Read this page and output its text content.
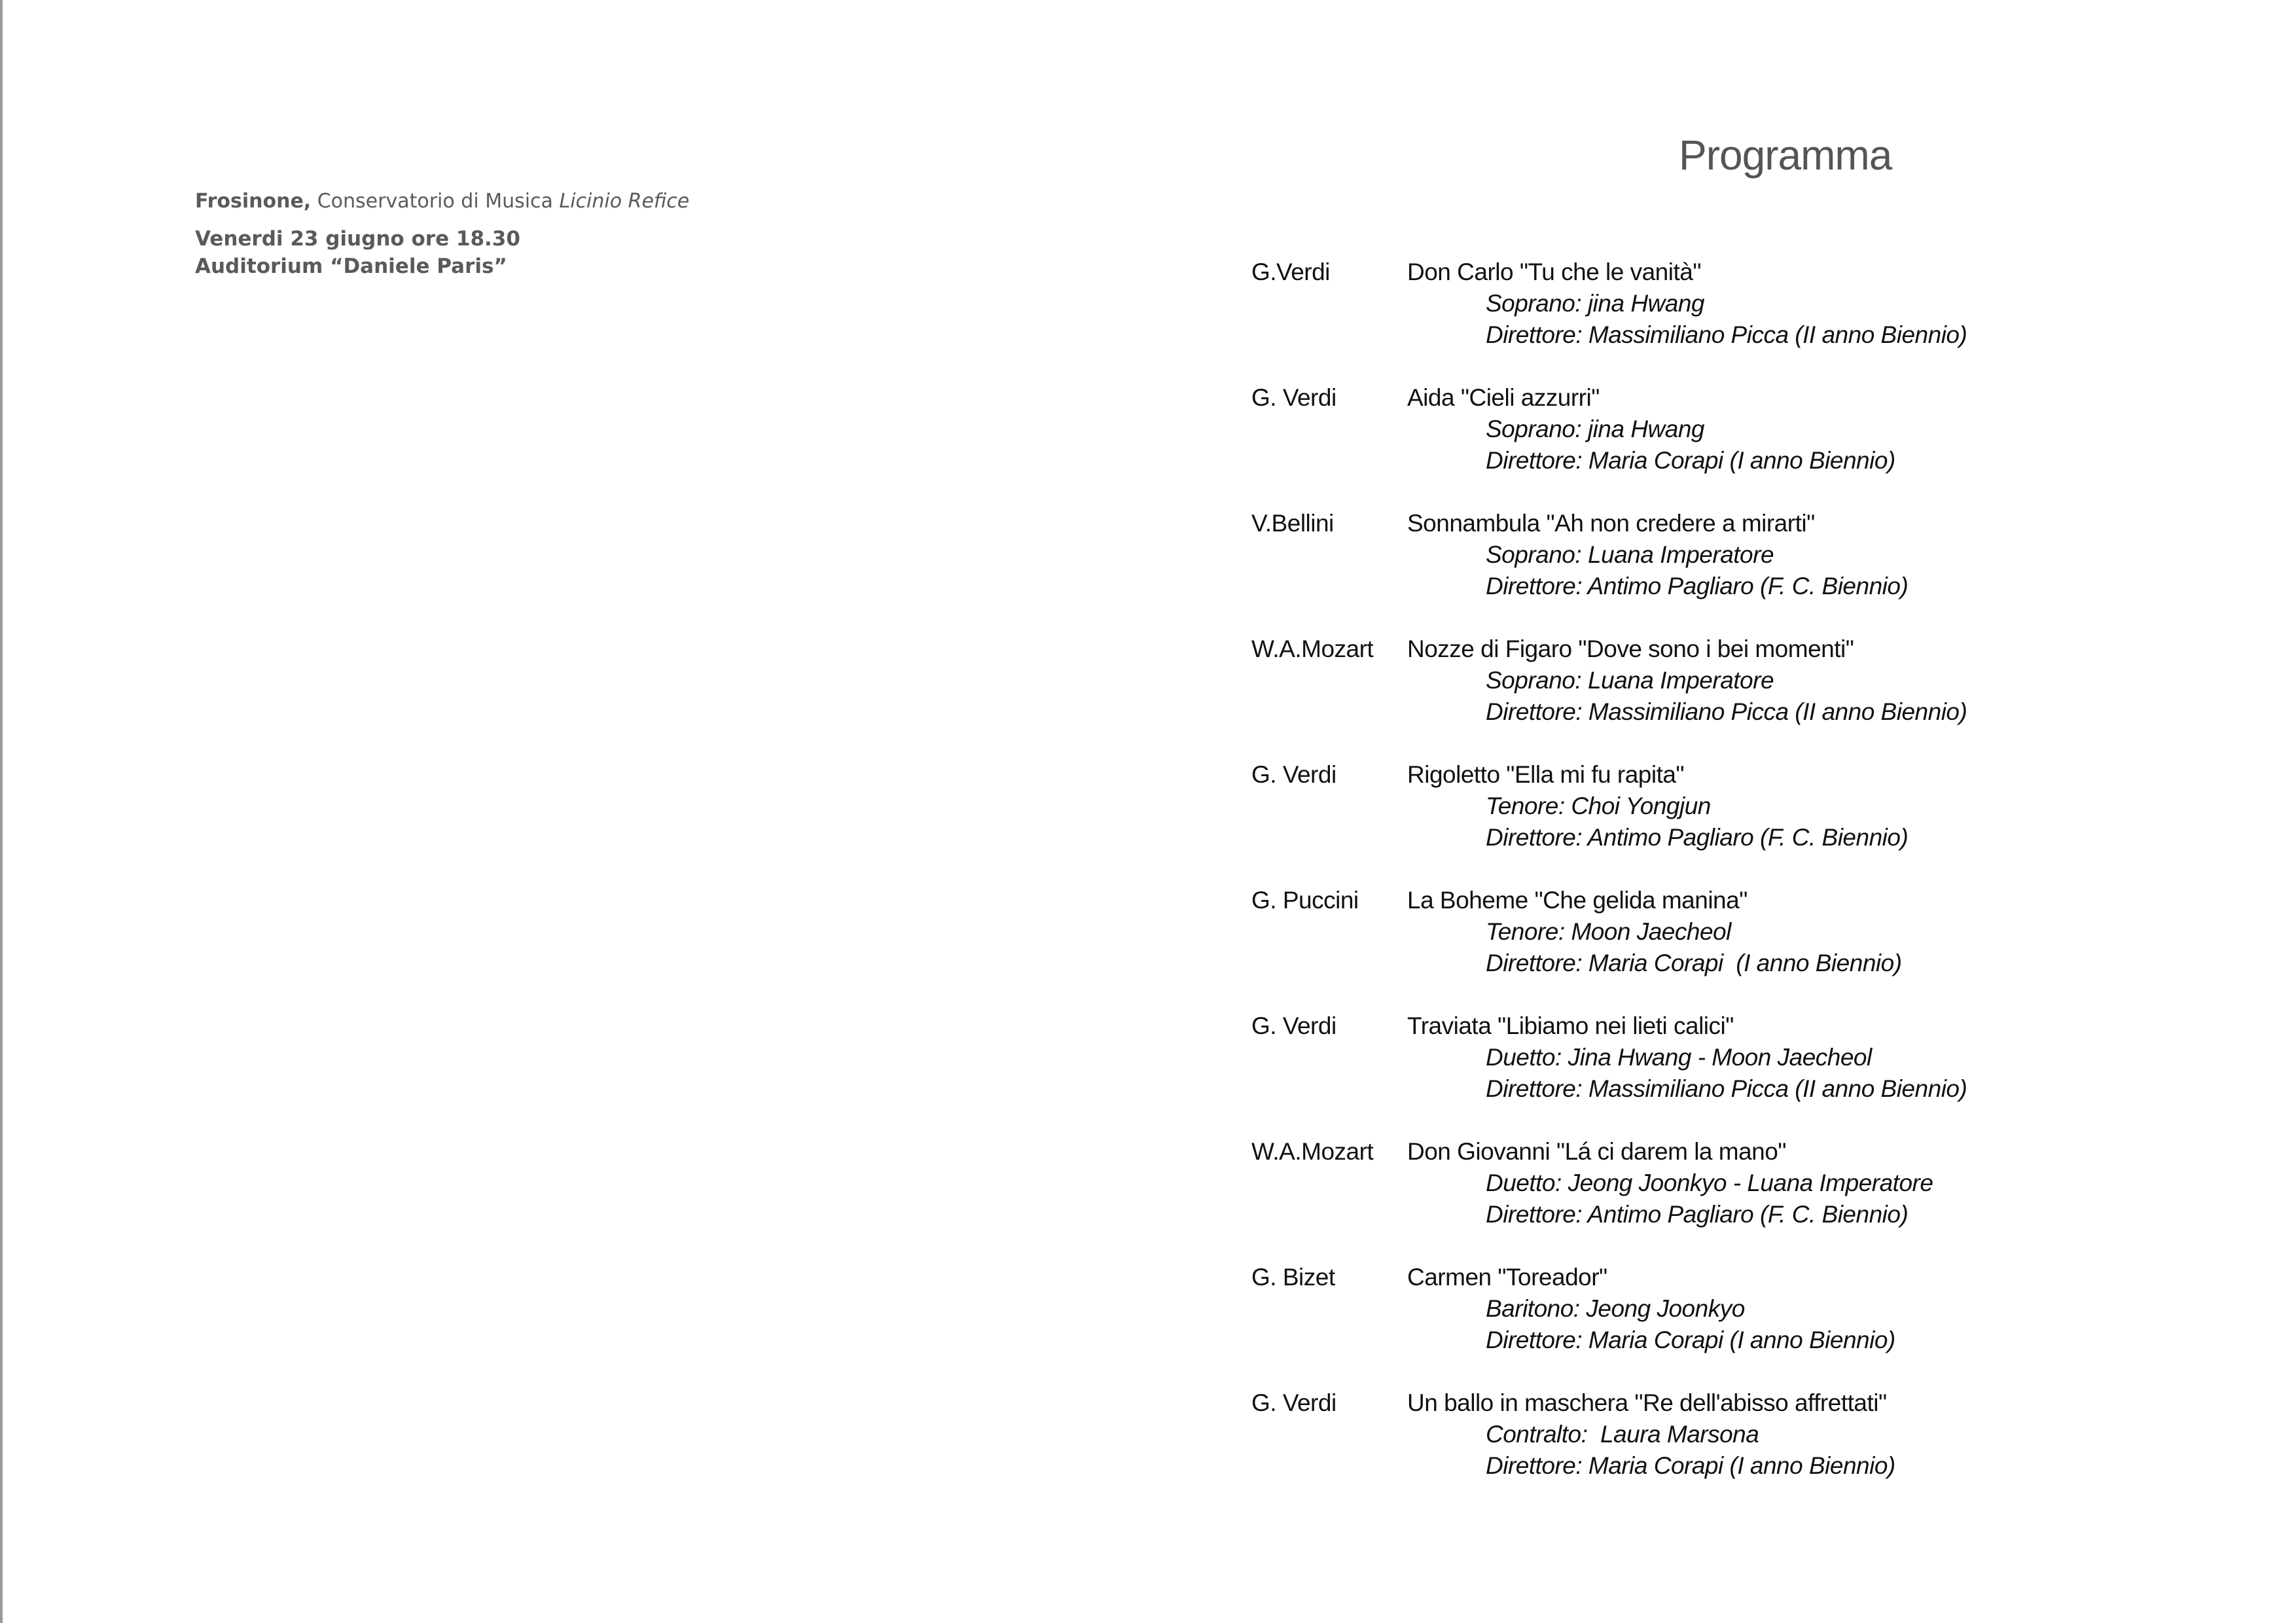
Frosinone, Conservatorio di Musica Licinio Refice
Venerdi 23 giugno ore 18.30
Auditorium “Daniele Paris”
Programma
G.Verdi	Don Carlo "Tu che le vanità"
Soprano: jina Hwang
Direttore: Massimiliano Picca (II anno Biennio)
G. Verdi	Aida "Cieli azzurri"
Soprano: jina Hwang
Direttore: Maria Corapi (I anno Biennio)
V.Bellini	Sonnambula "Ah non credere a mirarti"
Soprano: Luana Imperatore
Direttore: Antimo Pagliaro (F. C. Biennio)
W.A.Mozart Nozze di Figaro "Dove sono i bei momenti"
Soprano: Luana Imperatore
Direttore: Massimiliano Picca (II anno Biennio)
G. Verdi	Rigoletto "Ella mi fu rapita"
Tenore: Choi Yongjun
Direttore: Antimo Pagliaro (F. C. Biennio)
G. Puccini La Boheme "Che gelida manina"
Tenore: Moon Jaecheol
Direttore: Maria Corapi  (I anno Biennio)
G. Verdi	Traviata "Libiamo nei lieti calici"
Duetto: Jina Hwang - Moon Jaecheol
Direttore: Massimiliano Picca (II anno Biennio)
W.A.Mozart Don Giovanni "Lá ci darem la mano"
Duetto: Jeong Joonkyo - Luana Imperatore
Direttore: Antimo Pagliaro (F. C. Biennio)
G. Bizet	Carmen "Toreador"
Baritono: Jeong Joonkyo
Direttore: Maria Corapi (I anno Biennio)
G. Verdi	Un ballo in maschera "Re dell'abisso affrettati"
Contralto:  Laura Marsona
Direttore: Maria Corapi (I anno Biennio)
